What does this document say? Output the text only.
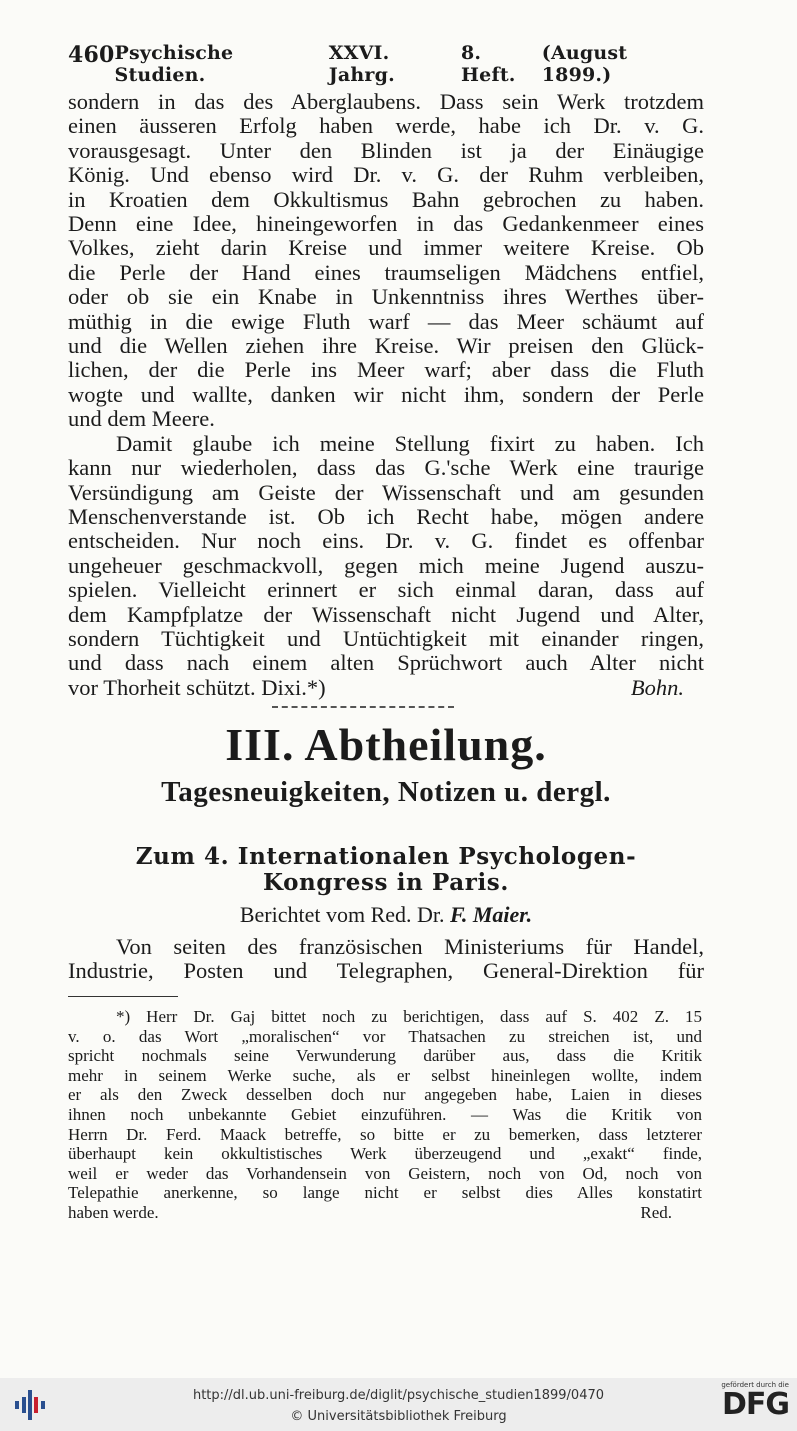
460 Psychische Studien.
XXVI. Jahrg.
8. Heft.
(August 1899.)
sondern in das des Aberglaubens. Dass sein Werk trotzdem
einen äusseren Erfolg haben werde, habe ich Dr. v. G.
vorausgesagt. Unter den Blinden ist ja der Einäugige
König. Und ebenso wird Dr. v. G. der Ruhm verbleiben,
in Kroatien dem Okkultismus Bahn gebrochen zu haben.
Denn eine Idee, hineingeworfen in das Gedankenmeer eines
Volkes, zieht darin Kreise und immer weitere Kreise. Ob
die Perle der Hand eines traumseligen Mädchens entfiel,
oder ob sie ein Knabe in Unkenntniss ihres Werthes über-
müthig in die ewige Fluth warf — das Meer schäumt auf
und die Wellen ziehen ihre Kreise. Wir preisen den Glück-
lichen, der die Perle ins Meer warf; aber dass die Fluth
wogte und wallte, danken wir nicht ihm, sondern der Perle
und dem Meere.
Damit glaube ich meine Stellung fixirt zu haben. Ich
kann nur wiederholen, dass das G.'sche Werk eine traurige
Versündigung am Geiste der Wissenschaft und am gesunden
Menschenverstande ist. Ob ich Recht habe, mögen andere
entscheiden. Nur noch eins. Dr. v. G. findet es offenbar
ungeheuer geschmackvoll, gegen mich meine Jugend auszu-
spielen. Vielleicht erinnert er sich einmal daran, dass auf
dem Kampfplatze der Wissenschaft nicht Jugend und Alter,
sondern Tüchtigkeit und Untüchtigkeit mit einander ringen,
und dass nach einem alten Sprüchwort auch Alter nicht
vor Thorheit schützt. Dixi.*)	Bohn.
III. Abtheilung.
Tagesneuigkeiten, Notizen u. dergl.
Zum 4. Internationalen Psychologen-
Kongress in Paris.
Berichtet vom Red. Dr. F. Maier.
Von seiten des französischen Ministeriums für Handel,
Industrie, Posten und Telegraphen, General-Direktion für
*) Herr Dr. Gaj bittet noch zu berichtigen, dass auf S. 402 Z. 15
v. o. das Wort „moralischen“ vor Thatsachen zu streichen ist, und
spricht nochmals seine Verwunderung darüber aus, dass die Kritik
mehr in seinem Werke suche, als er selbst hineinlegen wollte, indem
er als den Zweck desselben doch nur angegeben habe, Laien in dieses
ihnen noch unbekannte Gebiet einzuführen. — Was die Kritik von
Herrn Dr. Ferd. Maack betreffe, so bitte er zu bemerken, dass letzterer
überhaupt kein okkultistisches Werk überzeugend und „exakt“ finde,
weil er weder das Vorhandensein von Geistern, noch von Od, noch von
Telepathie anerkenne, so lange nicht er selbst dies Alles konstatirt
haben werde.	Red.
http://dl.ub.uni-freiburg.de/diglit/psychische_studien1899/0470
© Universitätsbibliothek Freiburg
gefördert durch die
DFG
